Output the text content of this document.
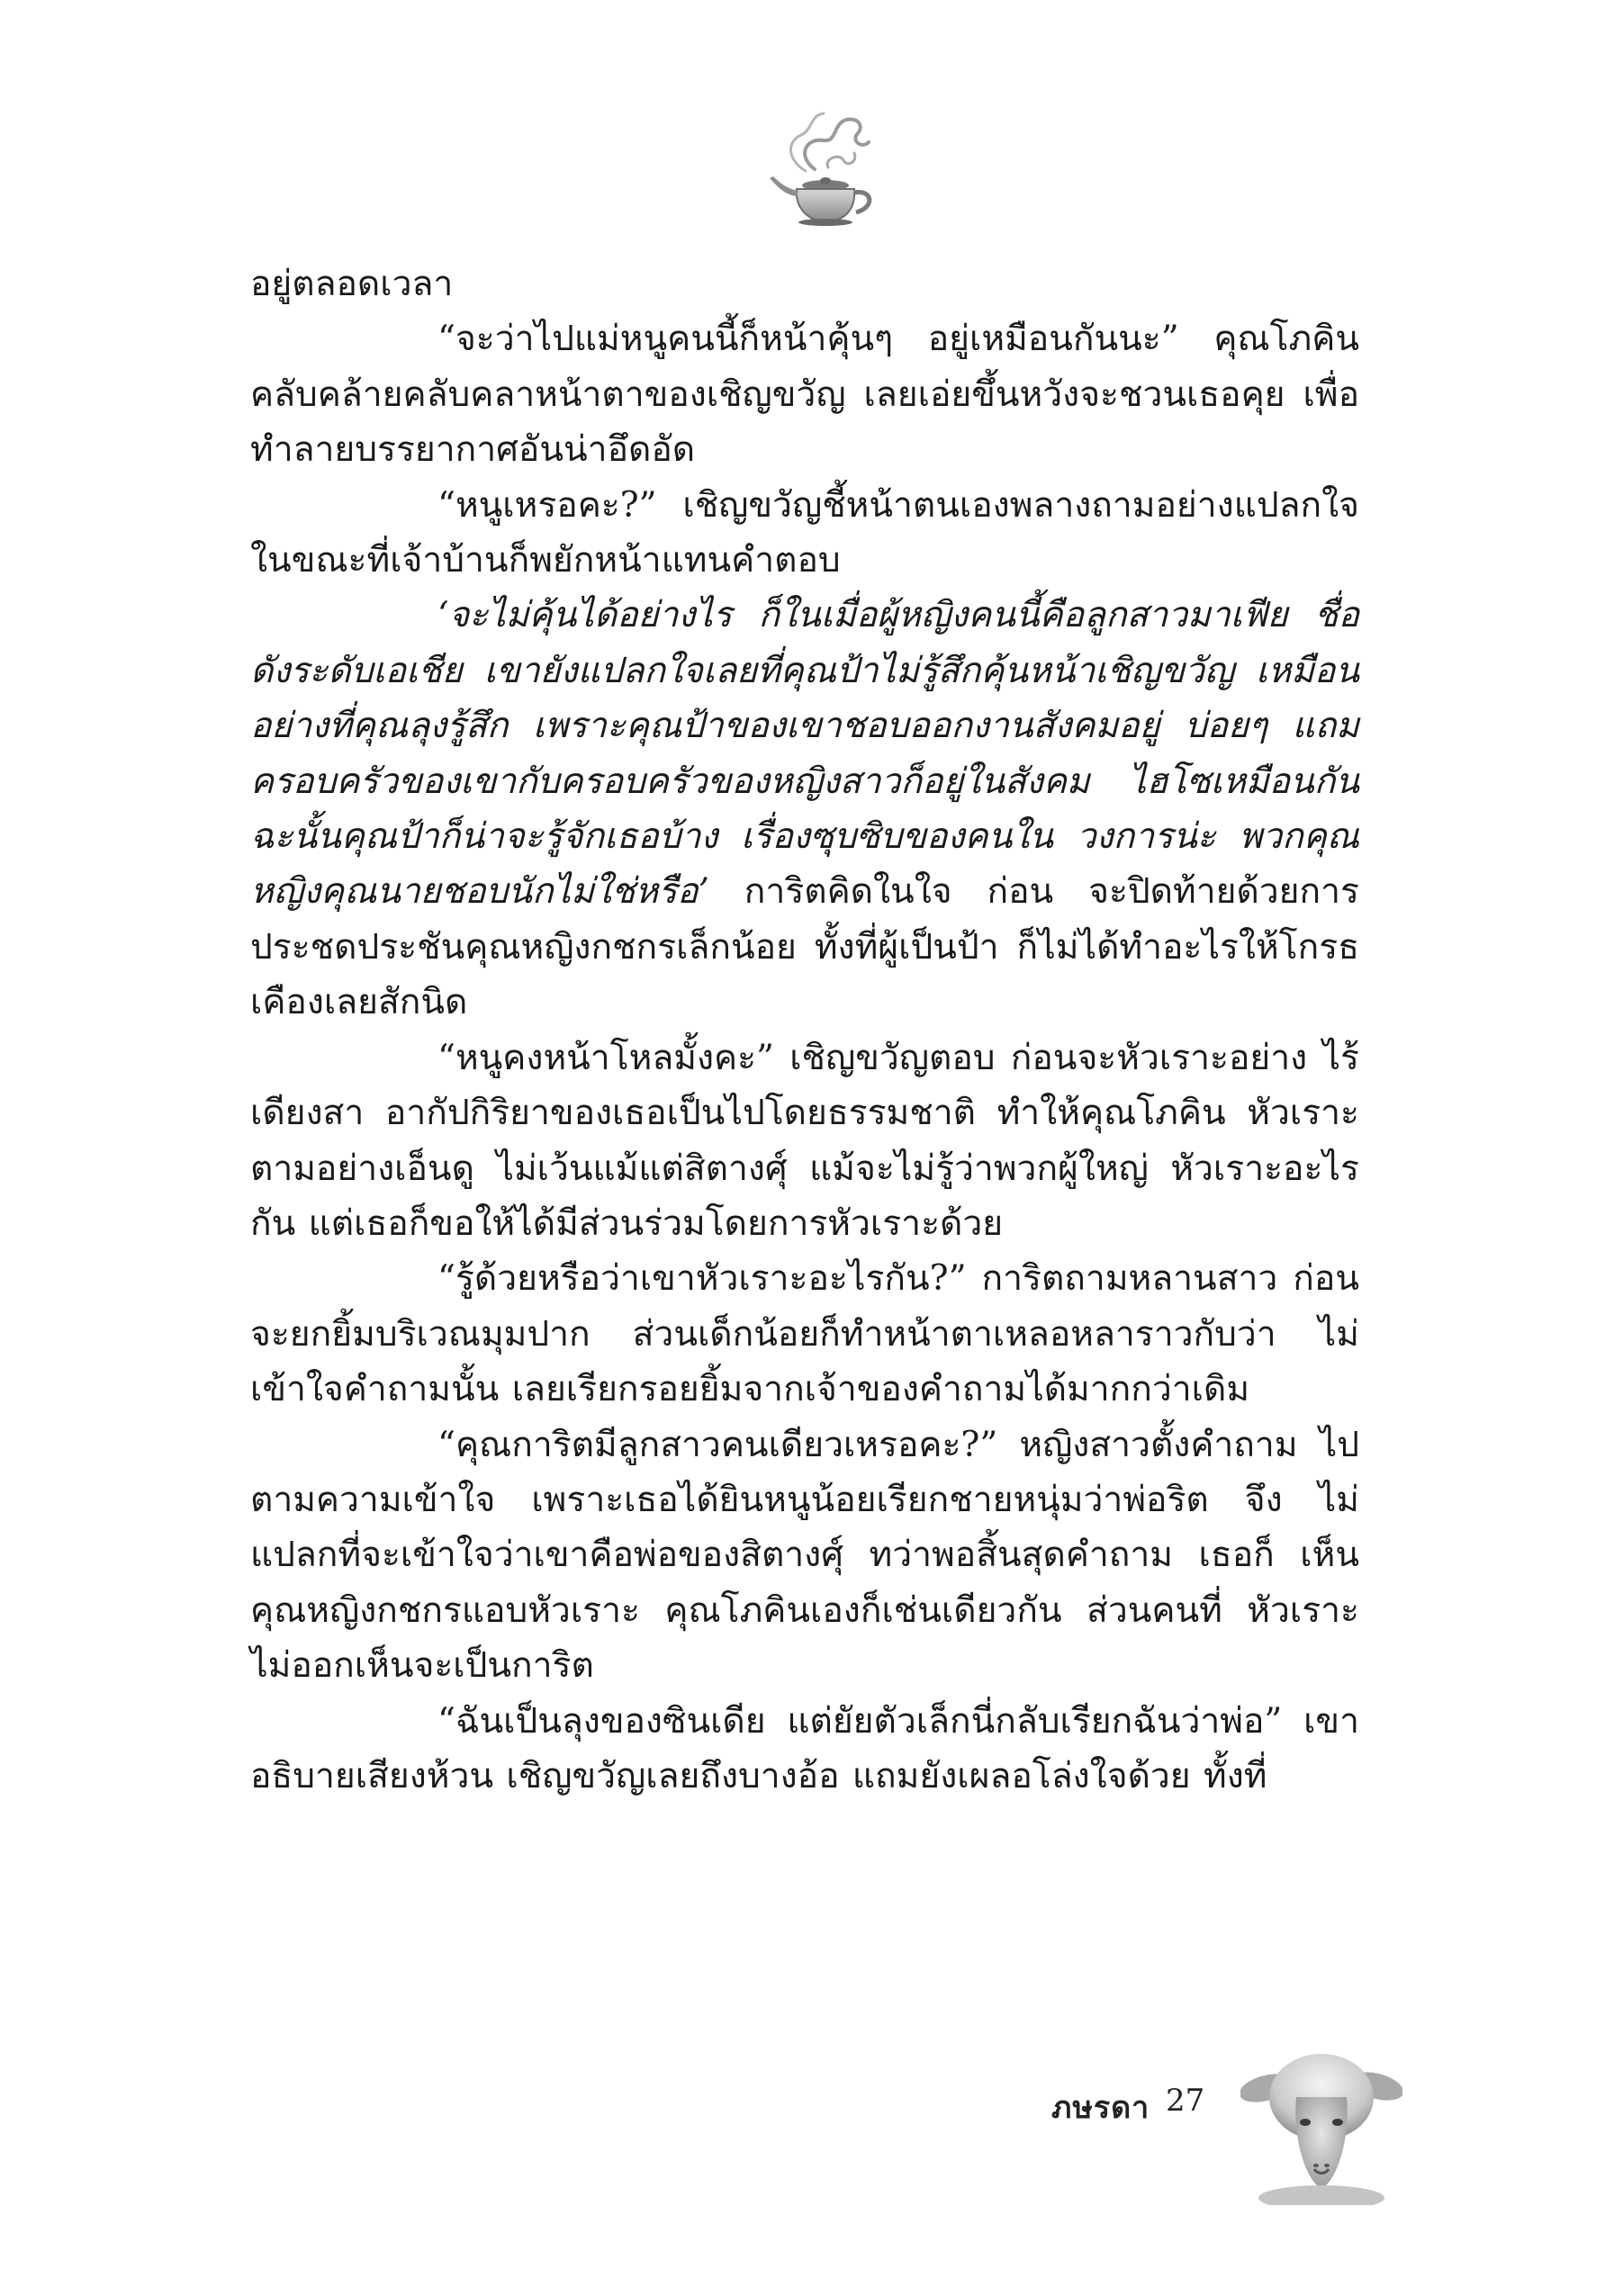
อยู่ตลอดเวลา

“จะว่าไปแม่หนูคนนี้ก็หน้าคุ้นๆ อยู่เหมือนกันนะ” คุณโภคิน คลับคล้ายคลับคลาหน้าตาของเชิญขวัญ เลยเอ่ยขึ้นหวังจะชวนเธอคุย เพื่อทำลายบรรยากาศอันน่าอึดอัด

“หนูเหรอคะ?” เชิญขวัญชี้หน้าตนเองพลางถามอย่างแปลกใจ ในขณะที่เจ้าบ้านก็พยักหน้าแทนคำตอบ

‘จะไม่คุ้นได้อย่างไร ก็ในเมื่อผู้หญิงคนนี้คือลูกสาวมาเฟีย ชื่อดังระดับเอเชีย เขายังแปลกใจเลยที่คุณป้าไม่รู้สึกคุ้นหน้าเชิญขวัญ เหมือนอย่างที่คุณลุงรู้สึก เพราะคุณป้าของเขาชอบออกงานสังคมอยู่ บ่อยๆ แถมครอบครัวของเขากับครอบครัวของหญิงสาวก็อยู่ในสังคม ไฮโซเหมือนกัน ฉะนั้นคุณป้าก็น่าจะรู้จักเธอบ้าง เรื่องซุบซิบของคนใน วงการน่ะ พวกคุณหญิงคุณนายชอบนักไม่ใช่หรือ’ การิตคิดในใจ ก่อน จะปิดท้ายด้วยการประชดประชันคุณหญิงกชกรเล็กน้อย ทั้งที่ผู้เป็นป้า ก็ไม่ได้ทำอะไรให้โกรธเคืองเลยสักนิด

“หนูคงหน้าโหลมั้งคะ” เชิญขวัญตอบ ก่อนจะหัวเราะอย่าง ไร้เดียงสา อากัปกิริยาของเธอเป็นไปโดยธรรมชาติ ทำให้คุณโภคิน หัวเราะตามอย่างเอ็นดู ไม่เว้นแม้แต่สิตางศุ์ แม้จะไม่รู้ว่าพวกผู้ใหญ่ หัวเราะอะไรกัน แต่เธอก็ขอให้ได้มีส่วนร่วมโดยการหัวเราะด้วย

“รู้ด้วยหรือว่าเขาหัวเราะอะไรกัน?” การิตถามหลานสาว ก่อน จะยกยิ้มบริเวณมุมปาก ส่วนเด็กน้อยก็ทำหน้าตาเหลอหลาราวกับว่า ไม่เข้าใจคำถามนั้น เลยเรียกรอยยิ้มจากเจ้าของคำถามได้มากกว่าเดิม

“คุณการิตมีลูกสาวคนเดียวเหรอคะ?” หญิงสาวตั้งคำถาม ไปตามความเข้าใจ เพราะเธอได้ยินหนูน้อยเรียกชายหนุ่มว่าพ่อริต จึง ไม่แปลกที่จะเข้าใจว่าเขาคือพ่อของสิตางศุ์ ทว่าพอสิ้นสุดคำถาม เธอก็ เห็นคุณหญิงกชกรแอบหัวเราะ คุณโภคินเองก็เช่นเดียวกัน ส่วนคนที่ หัวเราะไม่ออกเห็นจะเป็นการิต

“ฉันเป็นลุงของซินเดีย แต่ยัยตัวเล็กนี่กลับเรียกฉันว่าพ่อ” เขา อธิบายเสียงห้วน เชิญขวัญเลยถึงบางอ้อ แถมยังเผลอโล่งใจด้วย ทั้งที่

ภษรดา 27
